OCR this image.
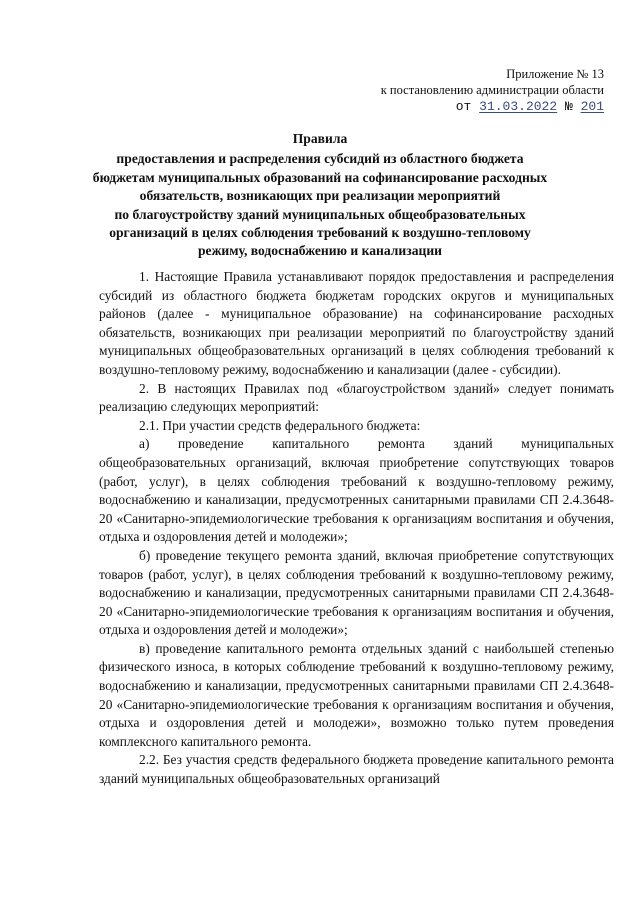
Приложение № 13
к постановлению администрации области
от 31.03.2022 № 201
Правила
предоставления и распределения субсидий из областного бюджета
бюджетам муниципальных образований на софинансирование расходных
обязательств, возникающих при реализации мероприятий
по благоустройству зданий муниципальных общеобразовательных
организаций в целях соблюдения требований к воздушно-тепловому
режиму, водоснабжению и канализации

1. Настоящие Правила устанавливают порядок предоставления и распределения субсидий из областного бюджета бюджетам городских округов и муниципальных районов (далее - муниципальное образование) на софинансирование расходных обязательств, возникающих при реализации мероприятий по благоустройству зданий муниципальных общеобразовательных организаций в целях соблюдения требований к воздушно-тепловому режиму, водоснабжению и канализации (далее - субсидии).

2. В настоящих Правилах под «благоустройством зданий» следует понимать реализацию следующих мероприятий:

2.1. При участии средств федерального бюджета:

а) проведение капитального ремонта зданий муниципальных общеобразовательных организаций, включая приобретение сопутствующих товаров (работ, услуг), в целях соблюдения требований к воздушно-тепловому режиму, водоснабжению и канализации, предусмотренных санитарными правилами СП 2.4.3648-20 «Санитарно-эпидемиологические требования к организациям воспитания и обучения, отдыха и оздоровления детей и молодежи»;

б) проведение текущего ремонта зданий, включая приобретение сопутствующих товаров (работ, услуг), в целях соблюдения требований к воздушно-тепловому режиму, водоснабжению и канализации, предусмотренных санитарными правилами СП 2.4.3648-20 «Санитарно-эпидемиологические требования к организациям воспитания и обучения, отдыха и оздоровления детей и молодежи»;

в) проведение капитального ремонта отдельных зданий с наибольшей степенью физического износа, в которых соблюдение требований к воздушно-тепловому режиму, водоснабжению и канализации, предусмотренных санитарными правилами СП 2.4.3648-20 «Санитарно-эпидемиологические требования к организациям воспитания и обучения, отдыха и оздоровления детей и молодежи», возможно только путем проведения комплексного капитального ремонта.

2.2. Без участия средств федерального бюджета проведение капитального ремонта зданий муниципальных общеобразовательных организаций
